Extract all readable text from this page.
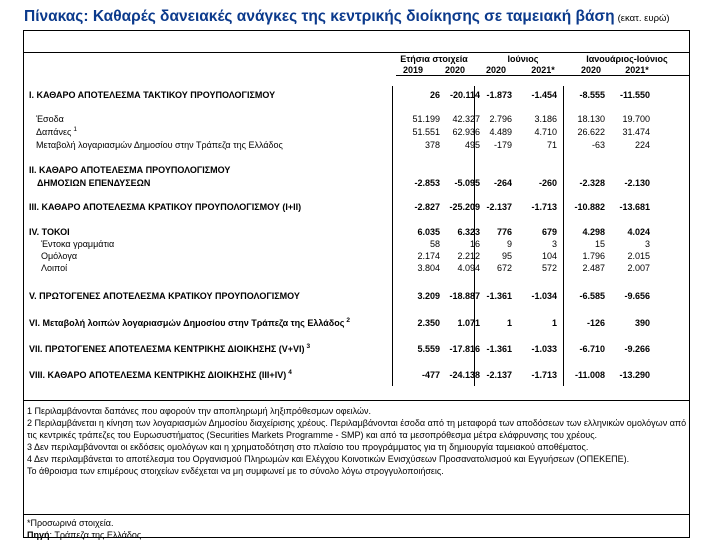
Πίνακας: Καθαρές δανειακές ανάγκες της κεντρικής διοίκησης σε ταμειακή βάση (εκατ. ευρώ)
Ετήσια στοιχεία	Ιούνιος	Ιανουάριος-Ιούνιος
2019	2020	2020	2021*	2020	2021*
I. ΚΑΘΑΡΟ ΑΠΟΤΕΛΕΣΜΑ ΤΑΚΤΙΚΟΥ ΠΡΟΥΠΟΛΟΓΙΣΜΟΥ	26	-20.114 -1.873	-1.454	-8.555	-11.550
Έσοδα	51.199	42.327	2.796	3.186	18.130	19.700
Δαπάνες $^1$	51.551	62.936	4.489	4.710	26.622	31.474
Μεταβολή λογαριασμών Δημοσίου στην Τράπεζα της Ελλάδος	378	495	-179	71	-63	224
II. ΚΑΘΑΡΟ ΑΠΟΤΕΛΕΣΜΑ ΠΡΟΥΠΟΛΟΓΙΣΜΟΥ
ΔΗΜΟΣΙΩΝ ΕΠΕΝΔΥΣΕΩΝ	-2.853	-5.095	-264	-260	-2.328	-2.130
III. ΚΑΘΑΡΟ ΑΠΟΤΕΛΕΣΜΑ ΚΡΑΤΙΚΟΥ ΠΡΟΥΠΟΛΟΓΙΣΜΟΥ (I+II)	-2.827	-25.209 -2.137	-1.713	-10.882	-13.681
IV. ΤΟΚΟΙ	6.035	6.323	776	679	4.298	4.024
Έντοκα γραμμάτια	58	16	9	3	15	3
Ομόλογα	2.174	2.212	95	104	1.796	2.015
Λοιποί	3.804	4.094	672	572	2.487	2.007
V. ΠΡΩΤΟΓΕΝΕΣ ΑΠΟΤΕΛΕΣΜΑ ΚΡΑΤΙΚΟΥ ΠΡΟΥΠΟΛΟΓΙΣΜΟΥ	3.209	-18.887 -1.361	-1.034	-6.585	-9.656
VI. Μεταβολή λοιπών λογαριασμών Δημοσίου στην Τράπεζα της Ελλάδος $^2$	2.350	1.071	1	1	-126	390
VII. ΠΡΩΤΟΓΕΝΕΣ ΑΠΟΤΕΛΕΣΜΑ ΚΕΝΤΡΙΚΗΣ ΔΙΟΙΚΗΣΗΣ (V+VI) $^3$	5.559	-17.816 -1.361	-1.033	-6.710	-9.266
VIII. ΚΑΘΑΡΟ ΑΠΟΤΕΛΕΣΜΑ ΚΕΝΤΡΙΚΗΣ ΔΙΟΙΚΗΣΗΣ (III+IV) $^4$	-477	-24.138 -2.137	-1.713	-11.008	-13.290

1 Περιλαμβάνονται δαπάνες που αφορούν την αποπληρωμή ληξιπρόθεσμων οφειλών.

2 Περιλαμβάνεται η κίνηση των λογαριασμών Δημοσίου διαχείρισης χρέους. Περιλαμβάνονται έσοδα από τη μεταφορά των αποδόσεων των ελληνικών ομολόγων από τις κεντρικές τράπεζες του Ευρωσυστήματος (Securities Markets Programme - SMP) και από τα μεσοπρόθεσμα μέτρα ελάφρυνσης του χρέους.

3 Δεν περιλαμβάνονται οι εκδόσεις ομολόγων και η χρηματοδότηση στο πλαίσιο του προγράμματος για τη δημιουργία ταμειακού αποθέματος.

4 Δεν περιλαμβάνεται το αποτέλεσμα του Οργανισμού Πληρωμών και Ελέγχου Κοινοτικών Ενισχύσεων Προσανατολισμού και Εγγυήσεων (ΟΠΕΚΕΠΕ).

Το άθροισμα των επιμέρους στοιχείων ενδέχεται να μη συμφωνεί με το σύνολο λόγω στρογγυλοποιήσεις.

*Προσωρινά στοιχεία.
Πηγή: Τράπεζα της Ελλάδος.
